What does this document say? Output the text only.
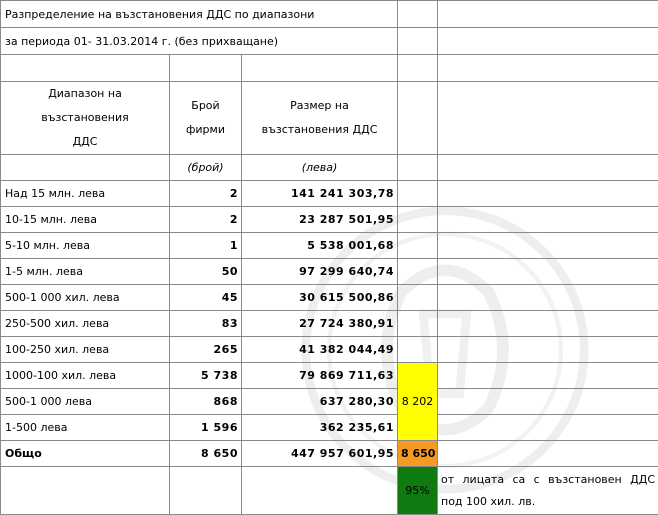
Разпределение на възстановения ДДС по диапазони				
за периода 01- 31.03.2014 г. (без прихващане)				

Диапазон на възстановения ДДС	Брой фирми	Размер на възстановения ДДС		
	(брой)	(лева)		
Над 15 млн. лева	2	141 241 303,78		
10-15 млн. лева	2	23 287 501,95		
5-10 млн. лева	1	5 538 001,68		
1-5 млн. лева	50	97 299 640,74		
500-1 000 хил. лева	45	30 615 500,86		
250-500 хил. лева	83	27 724 380,91		
100-250 хил. лева	265	41 382 044,49		
1000-100 хил. лева	5 738	79 869 711,63	8 202	
500-1 000 лева	868	637 280,30		
1-500 лева	1 596	362 235,61		
Общо	8 650	447 957 601,95	8 650	
			95%	от лицата са с възстановен ДДС под 100 хил. лв.
